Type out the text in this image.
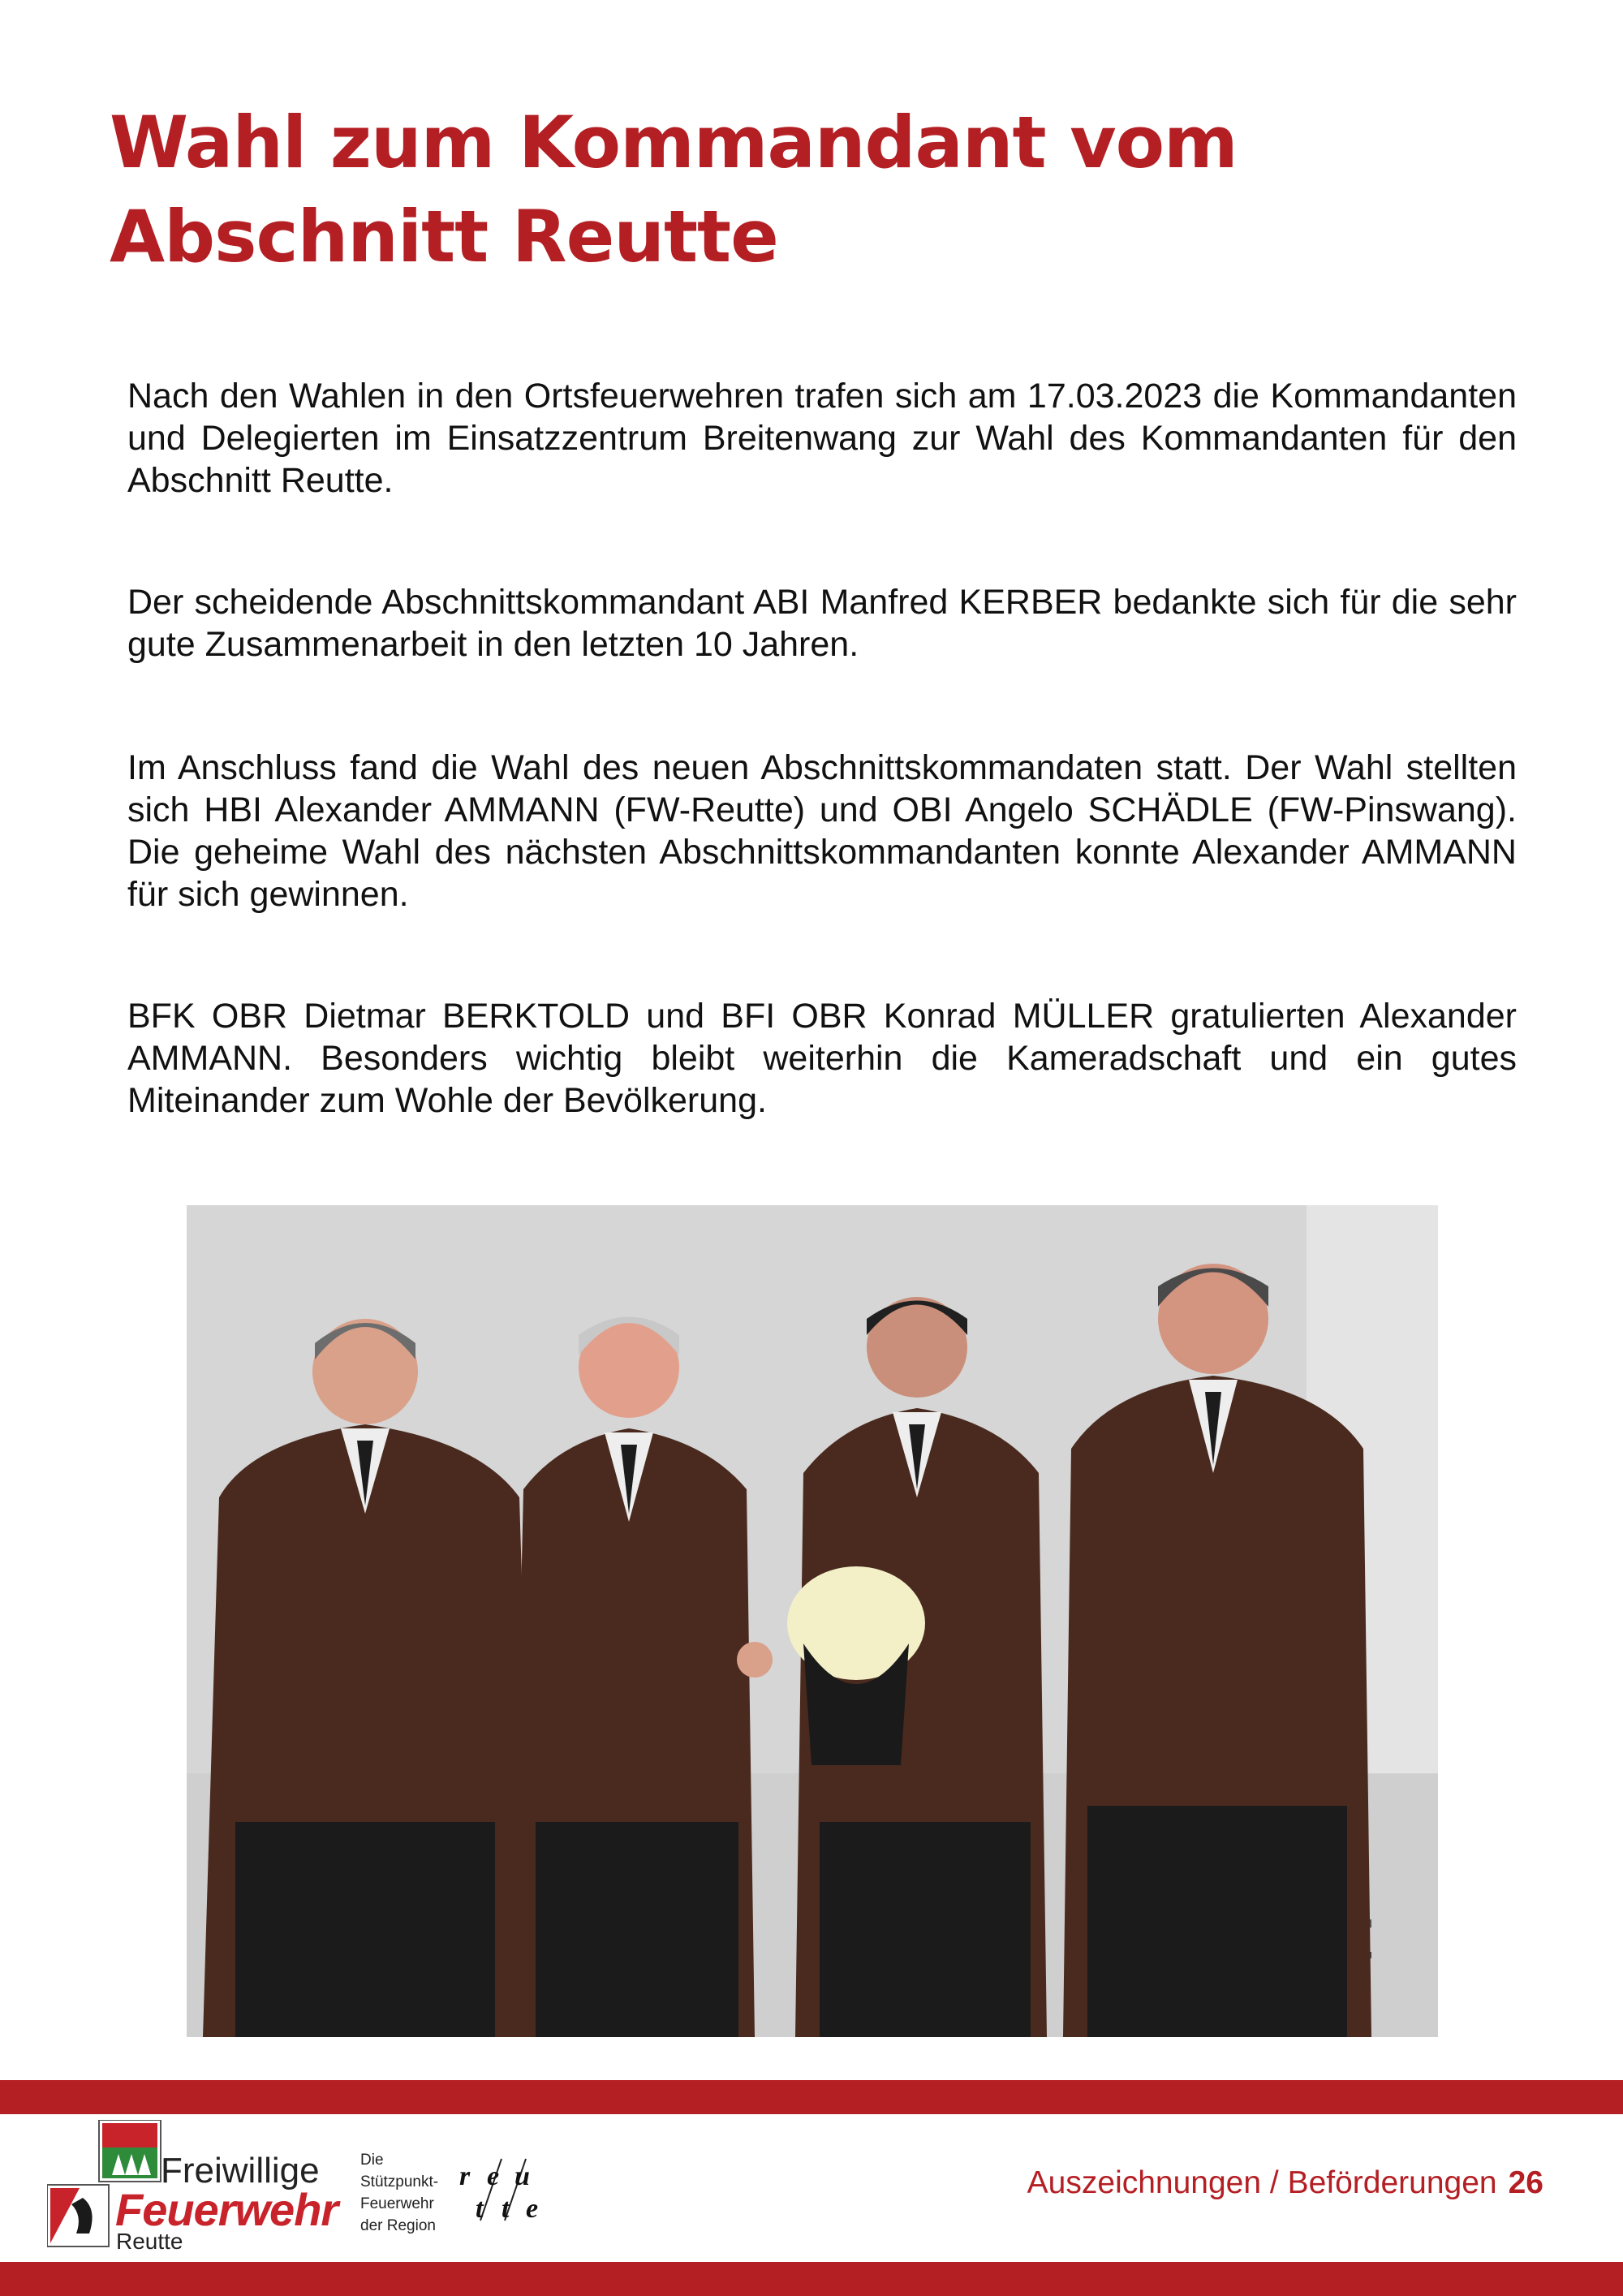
Wahl zum Kommandant vom
Abschnitt Reutte

Nach den Wahlen in den Ortsfeuerwehren trafen sich am 17.03.2023 die Kommandanten und Delegierten im Einsatzzentrum Breitenwang zur Wahl des Kommandanten für den Abschnitt Reutte.

Der scheidende Abschnittskommandant ABI Manfred KERBER bedankte sich für die sehr gute Zusammenarbeit in den letzten 10 Jahren.

Im Anschluss fand die Wahl des neuen Abschnittskommandaten statt. Der Wahl stellten sich HBI Alexander AMMANN (FW-Reutte) und OBI Angelo SCHÄDLE (FW-Pinswang). Die geheime Wahl des nächsten Abschnittskommandanten konnte Alexander AMMANN für sich gewinnen.

BFK OBR Dietmar BERKTOLD und BFI OBR Konrad MÜLLER gratulierten Alexander AMMANN. Besonders wichtig bleibt weiterhin die Kameradschaft und ein gutes Miteinander zum Wohle der Bevölkerung.

Freiwillige
Feuerwehr
Reutte
Die
Stützpunkt-
Feuerwehr
der Region
r e u
t t e
Auszeichnungen / Beförderungen 26
